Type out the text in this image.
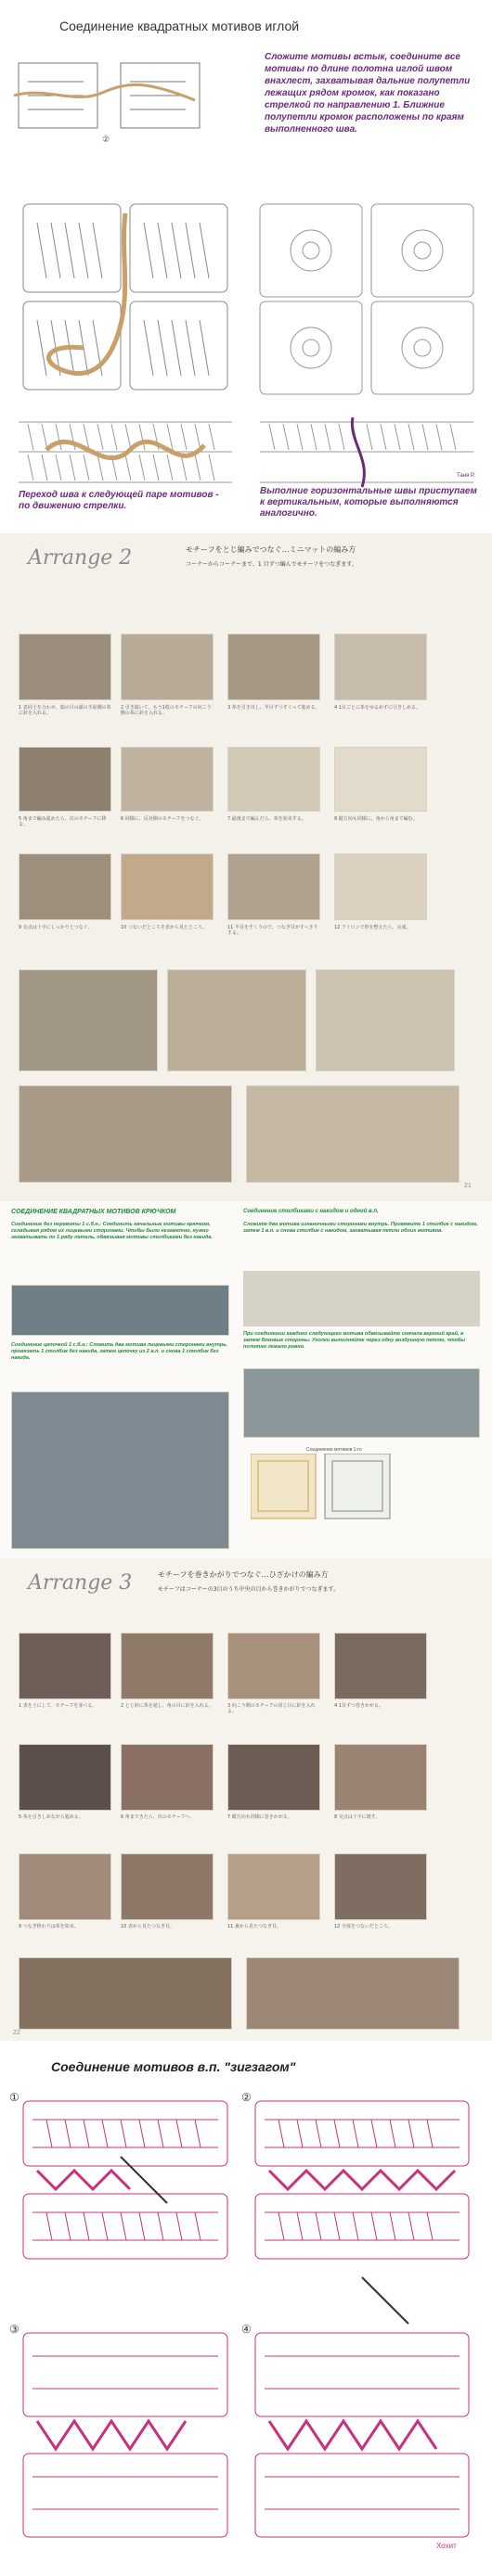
Соединение квадратных мотивов иглой
②
Сложите мотивы встык, соедините все мотивы по длине полотна иглой швом внахлест, захватывая дальние полупетли лежащих рядом кромок, как показано стрелкой по направлению 1. Ближние полупетли кромок расположены по краям выполненного шва.
Переход шва к следующей паре мотивов - по движению стрелки.
Выполние горизонтальные швы приступаем к вертикальным, которые выполняются аналогично.
Таня Р.
Arrange 2	モチーフをとじ編みでつなぐ…ミニマットの編み方
コーナーからコーナーまで、1 目ずつ編んでモチーフをつなぎます。
1 表同士を合わせ、端の目の頭の手前側の糸に針を入れる。
2 引き抜いて、もう1枚のモチーフの向こう側の糸に針を入れる。
3 糸を引き出し、半目ずつすくって進める。	4 1目ごとに糸をゆるめずに引きしめる。
5 角まで編み進めたら、次のモチーフに移る。
6 同様に、反対側のモチーフをつなぐ。	7 最後まで編んだら、糸を始末する。	8 縦方向も同様に、角から角まで編む。
9 交点は十字にしっかりとつなぐ。	10 つないだところを表から見たところ。	11 半目をすくうので、つなぎ目がすっきりする。
12 アイロンで形を整えたら、完成。
21
СОЕДИНЕНИЕ КВАДРАТНЫХ МОТИВОВ КРЮЧКОМ
Соединение без перевиты 1 с.б.н.: Соединить начальные мотивы крючком, складывая рядом их лицевыми сторонами. Чтобы было незаметно, нужно захватывать по 1 ряду петель, обвязывая мотивы столбиками без накида.
Соединение цепочкой 1 с.б.н.: Сложить два мотива лицевыми сторонами внутрь, провязать 1 столбик без накида, затем цепочку из 2 в.п. и снова 1 столбик без накида.
Соединение столбиками с накидом и одной в.п.
Сложите два мотива изнаночными сторонами внутрь. Провяжите 1 столбик с накидом, затем 1 в.п. и снова столбик с накидом, захватывая петли обоих мотивов.
При соединении каждого следующего мотива обвязывайте сначала верхний край, а затем боковые стороны. Уголки выполняйте через одну воздушную петлю, чтобы полотно лежало ровно.
Соединение мотивов 1-го
Arrange 3	モチーフを巻きかがりでつなぐ…ひざかけの編み方
モチーフはコーナーの3目のうち中央の目から巻きかがりでつなぎます。
1 表を上にして、モチーフを並べる。	2 とじ針に糸を通し、角の目に針を入れる。	3 向こう側のモチーフの同じ目に針を入れる。
4 1目ずつ巻きかがる。
5 糸を引きしめながら進める。	6 角まできたら、次のモチーフへ。	7 縦方向も同様に巻きかがる。	8 交点は十字に渡す。
9 つなぎ終わりは糸を始末。	10 表から見たつなぎ目。	11 裏から見たつなぎ目。	12 全体をつないだところ。
22
Соединение мотивов в.п. "зигзагом"
①	②
③	④
Хохит
